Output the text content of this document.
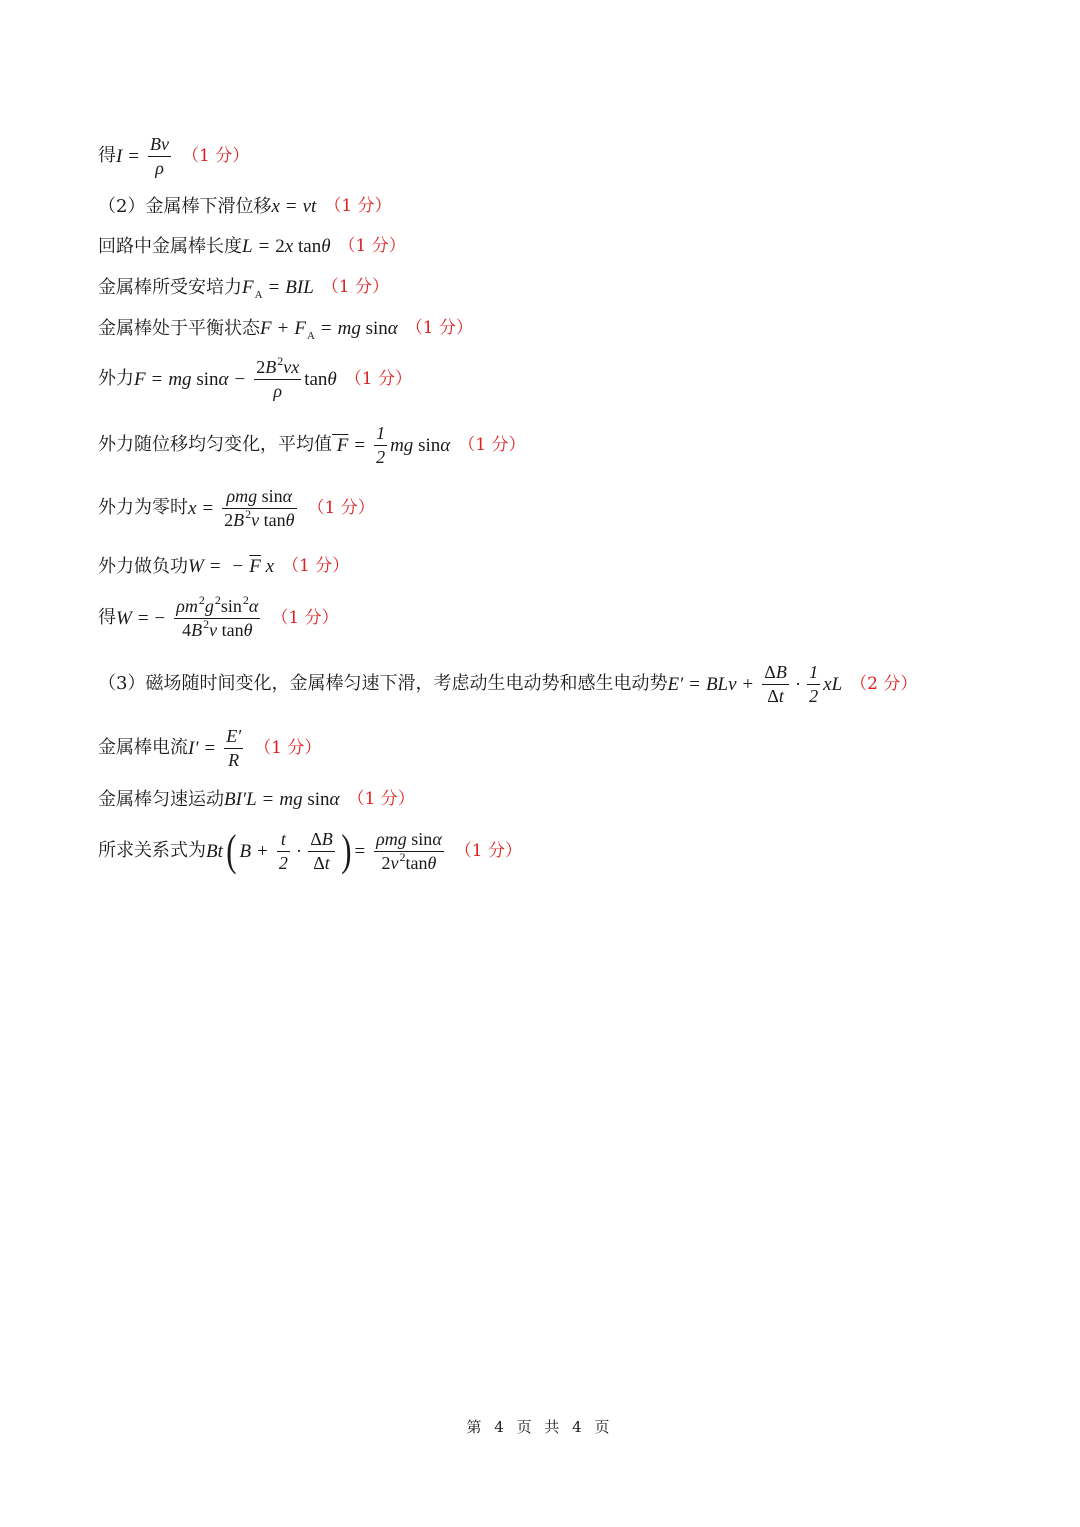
得 $I = \frac{Bv}{\rho} (1$ 分）
（2）金属棒下滑位移 x = vt （1 分）
回路中金属棒长度 L = 2 x tan θ （1 分）
金属棒所受安培力 $F_A$ = BIL （1 分）
金属棒处于平衡状态 $F + F_A$ = mg sin α （1 分）
外力 F = mg $\sin \alpha - \frac{2B^2vx}{\rho}$ tan θ （1 分）
外力随位移均匀变化，平均值 $F = \frac{1}{2}$ mg sin α （1 分）
外力为零时 $x = \frac{\text{ρmg sinα}}{2B^2v \tan\theta} (1$ 分）
外力做负功 W = − $\overline{F}$ x （1 分）
得 W = − $\frac{\rho m^2g^2\sin^2\alpha}{4B^2v \tan\theta} (1$ 分）
（3）磁场随时间变化，金属棒匀速下滑，考虑动生电动势和感生电动势 E′ = BLv + $\frac{\Delta B}{\Delta t} \cdot \frac{1}{2}$ xL （2 分）
金属棒电流 $I' = \frac{E'}{R} (1$ 分）
金属棒匀速运动 BI′L = mg sin α （1 分）
所求关系式为 Bt ( $B + \frac{t}{2} \cdot \frac{\Delta B}{\Delta t}$ ) = $\frac{\text{ρmg sinα}}{2v^2\tan\theta} (1$ 分）
第 4 页 共 4 页
